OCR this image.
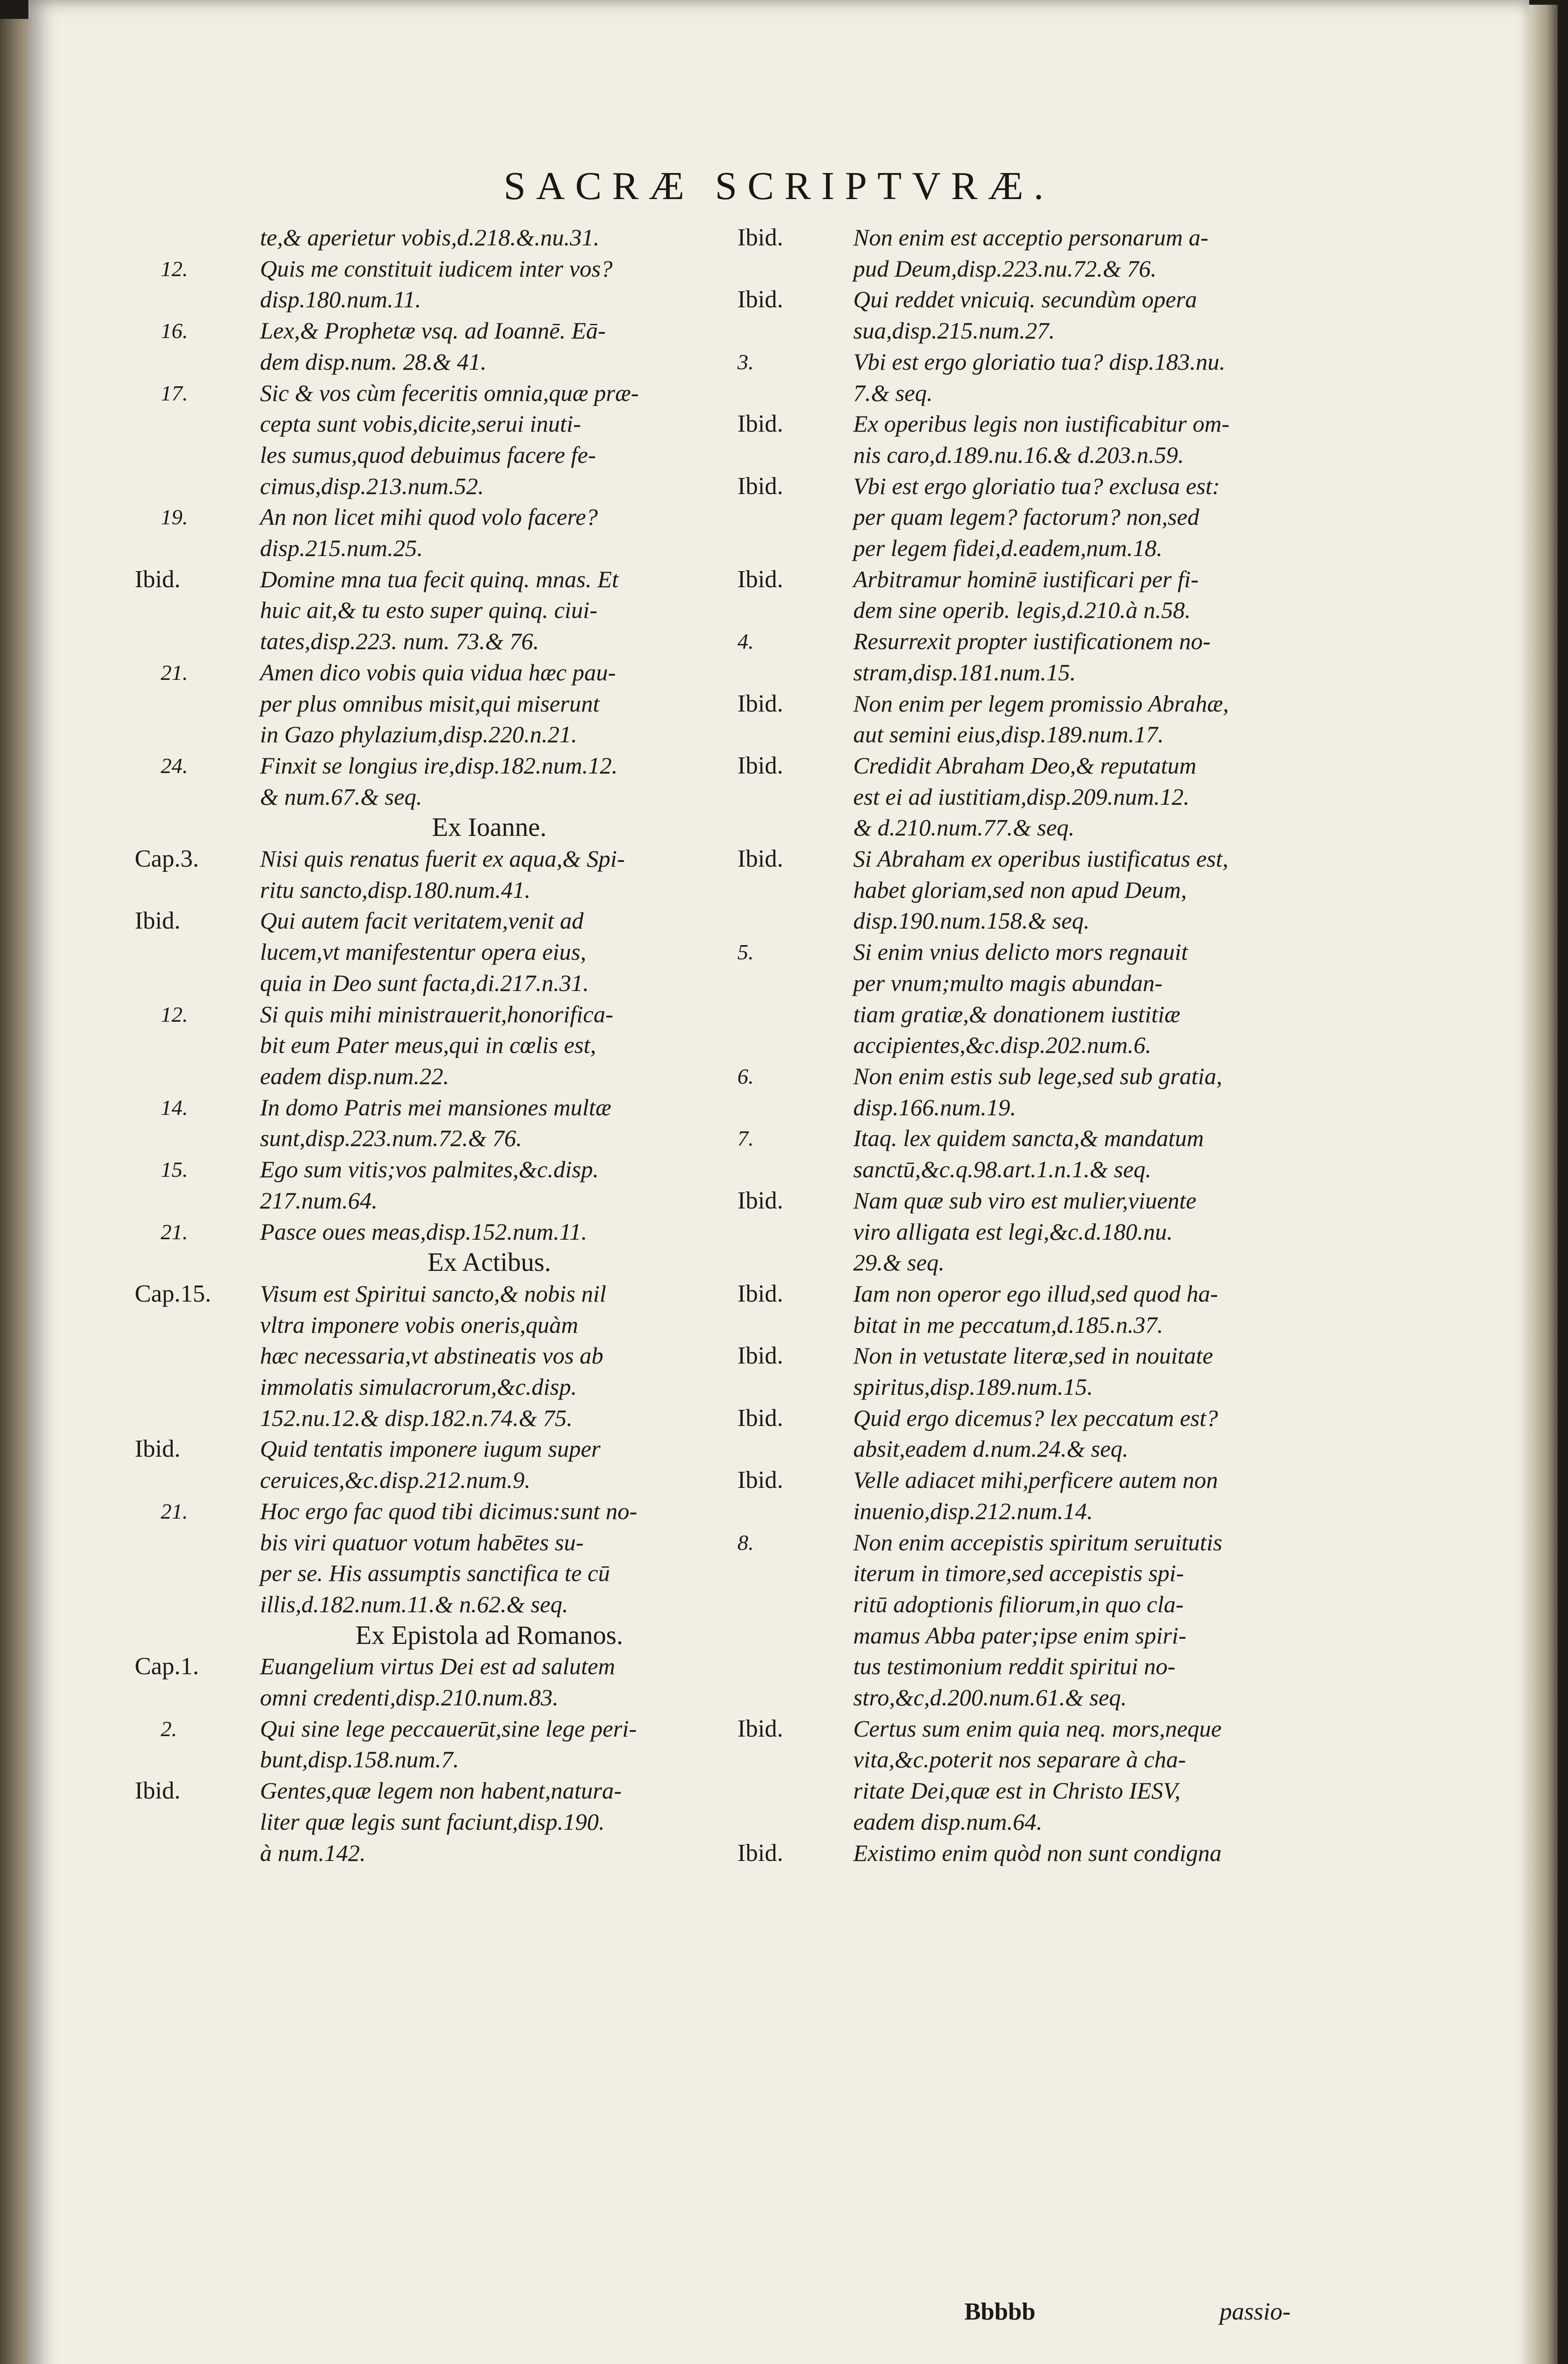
SACRÆ SCRIPTVRÆ.
te,& aperietur vobis,d.218.&.nu.31.
12.	Quis me constituit iudicem inter vos?
disp.180.num.11.
16.	Lex,& Prophetæ vsq. ad Ioannē. Eā-
dem disp.num. 28.& 41.
17.	Sic & vos cùm feceritis omnia,quæ præ-
cepta sunt vobis,dicite,serui inuti-
les sumus,quod debuimus facere fe-
cimus,disp.213.num.52.
19.	An non licet mihi quod volo facere?
disp.215.num.25.
Ibid.	Domine mna tua fecit quinq. mnas. Et
huic ait,& tu esto super quinq. ciui-
tates,disp.223. num. 73.& 76.
21.	Amen dico vobis quia vidua hæc pau-
per plus omnibus misit,qui miserunt
in Gazo phylazium,disp.220.n.21.
24.	Finxit se longius ire,disp.182.num.12.
& num.67.& seq.
Ex Ioanne.
Cap.3.	Nisi quis renatus fuerit ex aqua,& Spi-
ritu sancto,disp.180.num.41.
Ibid.	Qui autem facit veritatem,venit ad
lucem,vt manifestentur opera eius,
quia in Deo sunt facta,di.217.n.31.
12.	Si quis mihi ministrauerit,honorifica-
bit eum Pater meus,qui in cœlis est,
eadem disp.num.22.
14.	In domo Patris mei mansiones multæ
sunt,disp.223.num.72.& 76.
15.	Ego sum vitis;vos palmites,&c.disp.
217.num.64.
21.	Pasce oues meas,disp.152.num.11.
Ex Actibus.
Cap.15.	Visum est Spiritui sancto,& nobis nil
vltra imponere vobis oneris,quàm
hæc necessaria,vt abstineatis vos ab
immolatis simulacrorum,&c.disp.
152.nu.12.& disp.182.n.74.& 75.
Ibid.	Quid tentatis imponere iugum super
ceruices,&c.disp.212.num.9.
21.	Hoc ergo fac quod tibi dicimus:sunt no-
bis viri quatuor votum habētes su-
per se. His assumptis sanctifica te cū
illis,d.182.num.11.& n.62.& seq.
Ex Epistola ad Romanos.
Cap.1.	Euangelium virtus Dei est ad salutem
omni credenti,disp.210.num.83.
2.	Qui sine lege peccauerūt,sine lege peri-
bunt,disp.158.num.7.
Ibid.	Gentes,quæ legem non habent,natura-
liter quæ legis sunt faciunt,disp.190.
à num.142.
Ibid.	Non enim est acceptio personarum a-
pud Deum,disp.223.nu.72.& 76.
Ibid.	Qui reddet vnicuiq. secundùm opera
sua,disp.215.num.27.
3.	Vbi est ergo gloriatio tua? disp.183.nu.
7.& seq.
Ibid.	Ex operibus legis non iustificabitur om-
nis caro,d.189.nu.16.& d.203.n.59.
Ibid.	Vbi est ergo gloriatio tua? exclusa est:
per quam legem? factorum? non,sed
per legem fidei,d.eadem,num.18.
Ibid.	Arbitramur hominē iustificari per fi-
dem sine operib. legis,d.210.à n.58.
4.	Resurrexit propter iustificationem no-
stram,disp.181.num.15.
Ibid.	Non enim per legem promissio Abrahæ,
aut semini eius,disp.189.num.17.
Ibid.	Credidit Abraham Deo,& reputatum
est ei ad iustitiam,disp.209.num.12.
& d.210.num.77.& seq.
Ibid.	Si Abraham ex operibus iustificatus est,
habet gloriam,sed non apud Deum,
disp.190.num.158.& seq.
5.	Si enim vnius delicto mors regnauit
per vnum;multo magis abundan-
tiam gratiæ,& donationem iustitiæ
accipientes,&c.disp.202.num.6.
6.	Non enim estis sub lege,sed sub gratia,
disp.166.num.19.
7.	Itaq. lex quidem sancta,& mandatum
sanctū,&c.q.98.art.1.n.1.& seq.
Ibid.	Nam quæ sub viro est mulier,viuente
viro alligata est legi,&c.d.180.nu.
29.& seq.
Ibid.	Iam non operor ego illud,sed quod ha-
bitat in me peccatum,d.185.n.37.
Ibid.	Non in vetustate literæ,sed in nouitate
spiritus,disp.189.num.15.
Ibid.	Quid ergo dicemus? lex peccatum est?
absit,eadem d.num.24.& seq.
Ibid.	Velle adiacet mihi,perficere autem non
inuenio,disp.212.num.14.
8.	Non enim accepistis spiritum seruitutis
iterum in timore,sed accepistis spi-
ritū adoptionis filiorum,in quo cla-
mamus Abba pater;ipse enim spiri-
tus testimonium reddit spiritui no-
stro,&c,d.200.num.61.& seq.
Ibid.	Certus sum enim quia neq. mors,neque
vita,&c.poterit nos separare à cha-
ritate Dei,quæ est in Christo IESV,
eadem disp.num.64.
Ibid.	Existimo enim quòd non sunt condigna
Bbbbb	passio-
